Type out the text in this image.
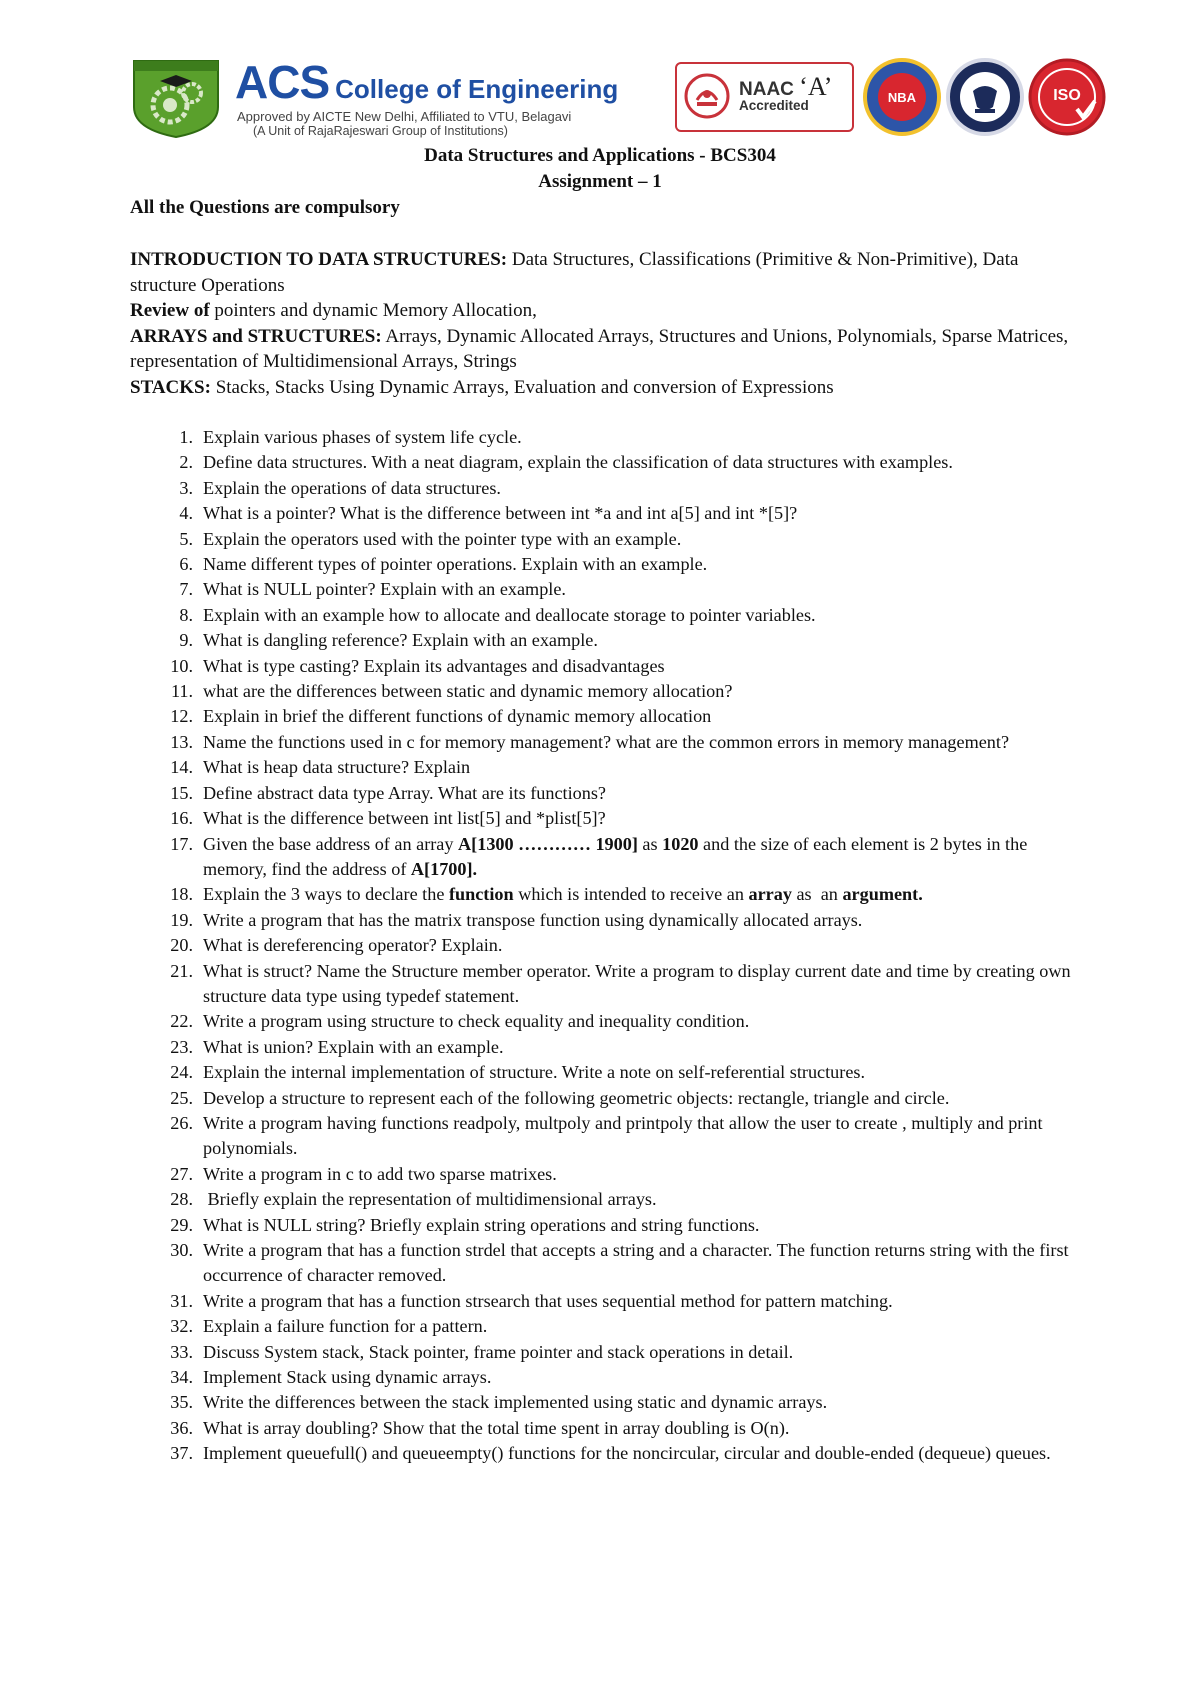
ACS College of Engineering
Approved by AICTE New Delhi, Affiliated to VTU, Belagavi
(A Unit of RajaRajeswari Group of Institutions)
NAAC ‘A’
Accredited
NBA	ISO
Data Structures and Applications - BCS304
Assignment – 1
All the Questions are compulsory

INTRODUCTION TO DATA STRUCTURES: Data Structures, Classifications (Primitive & Non-Primitive), Data structure Operations

Review of pointers and dynamic Memory Allocation,

ARRAYS and STRUCTURES: Arrays, Dynamic Allocated Arrays, Structures and Unions, Polynomials, Sparse Matrices, representation of Multidimensional Arrays, Strings

STACKS: Stacks, Stacks Using Dynamic Arrays, Evaluation and conversion of Expressions

1. Explain various phases of system life cycle.
2. Define data structures. With a neat diagram, explain the classification of data structures with examples.
3. Explain the operations of data structures.
4. What is a pointer? What is the difference between int *a and int a[5] and int *[5]?
5. Explain the operators used with the pointer type with an example.
6. Name different types of pointer operations. Explain with an example.
7. What is NULL pointer? Explain with an example.
8. Explain with an example how to allocate and deallocate storage to pointer variables.
9. What is dangling reference? Explain with an example.
10. What is type casting? Explain its advantages and disadvantages
11. what are the differences between static and dynamic memory allocation?
12. Explain in brief the different functions of dynamic memory allocation
13. Name the functions used in c for memory management? what are the common errors in memory management?
14. What is heap data structure? Explain
15. Define abstract data type Array. What are its functions?
16. What is the difference between int list[5] and *plist[5]?
17. Given the base address of an array A[1300 ………… 1900] as 1020 and the size of each element is 2 bytes in the memory, find the address of A[1700].
18. Explain the 3 ways to declare the function which is intended to receive an array as  an argument.
19. Write a program that has the matrix transpose function using dynamically allocated arrays.
20. What is dereferencing operator? Explain.
21. What is struct? Name the Structure member operator. Write a program to display current date and time by creating own structure data type using typedef statement.
22. Write a program using structure to check equality and inequality condition.
23. What is union? Explain with an example.
24. Explain the internal implementation of structure. Write a note on self-referential structures.
25. Develop a structure to represent each of the following geometric objects: rectangle, triangle and circle.
26. Write a program having functions readpoly, multpoly and printpoly that allow the user to create , multiply and print polynomials.
27. Write a program in c to add two sparse matrixes.
28. Briefly explain the representation of multidimensional arrays.
29. What is NULL string? Briefly explain string operations and string functions.
30. Write a program that has a function strdel that accepts a string and a character. The function returns string with the first occurrence of character removed.
31. Write a program that has a function strsearch that uses sequential method for pattern matching.
32. Explain a failure function for a pattern.
33. Discuss System stack, Stack pointer, frame pointer and stack operations in detail.
34. Implement Stack using dynamic arrays.
35. Write the differences between the stack implemented using static and dynamic arrays.
36. What is array doubling? Show that the total time spent in array doubling is O(n).
37. Implement queuefull() and queueempty() functions for the noncircular, circular and double-ended (dequeue) queues.
